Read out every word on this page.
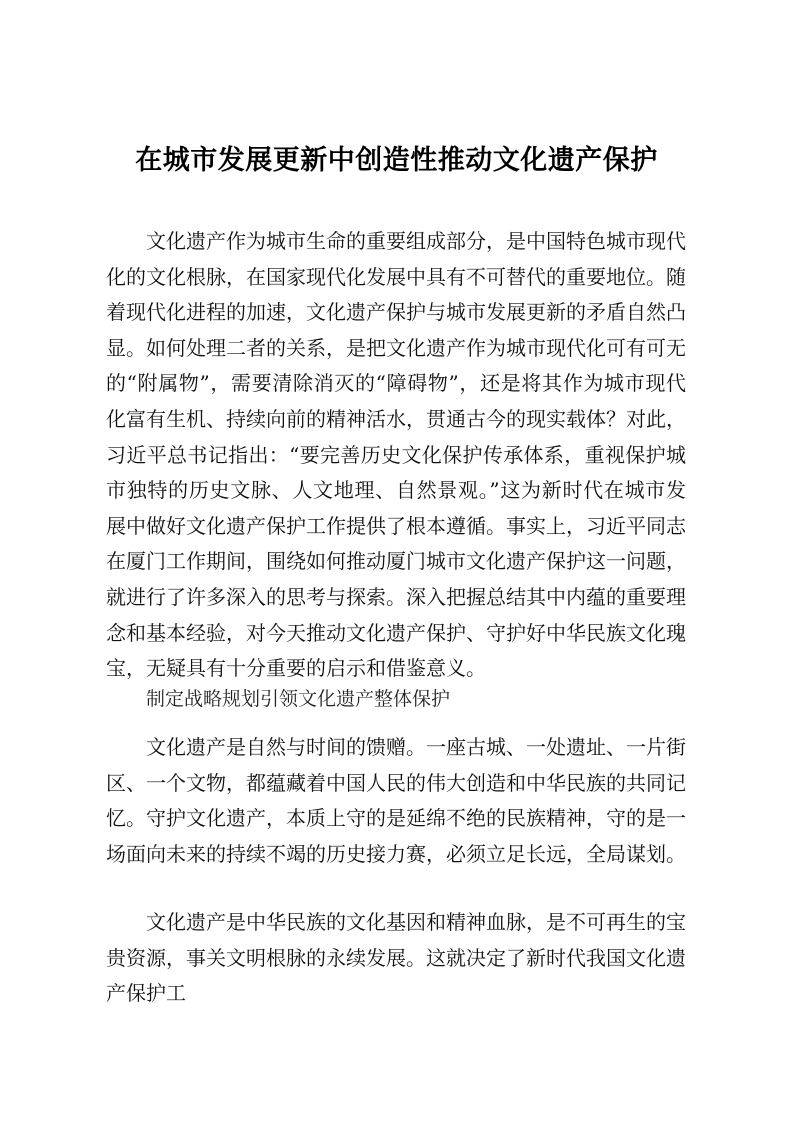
在城市发展更新中创造性推动文化遗产保护

文化遗产作为城市生命的重要组成部分，是中国特色城市现代化的文化根脉，在国家现代化发展中具有不可替代的重要地位。随着现代化进程的加速，文化遗产保护与城市发展更新的矛盾自然凸显。如何处理二者的关系，是把文化遗产作为城市现代化可有可无的“附属物”，需要清除消灭的“障碍物”，还是将其作为城市现代化富有生机、持续向前的精神活水，贯通古今的现实载体？对此，习近平总书记指出：“要完善历史文化保护传承体系，重视保护城市独特的历史文脉、人文地理、自然景观。”这为新时代在城市发展中做好文化遗产保护工作提供了根本遵循。事实上，习近平同志在厦门工作期间，围绕如何推动厦门城市文化遗产保护这一问题，就进行了许多深入的思考与探索。深入把握总结其中内蕴的重要理念和基本经验，对今天推动文化遗产保护、守护好中华民族文化瑰宝，无疑具有十分重要的启示和借鉴意义。

制定战略规划引领文化遗产整体保护

文化遗产是自然与时间的馈赠。一座古城、一处遗址、一片街区、一个文物，都蕴藏着中国人民的伟大创造和中华民族的共同记忆。守护文化遗产，本质上守的是延绵不绝的民族精神，守的是一场面向未来的持续不竭的历史接力赛，必须立足长远，全局谋划。

文化遗产是中华民族的文化基因和精神血脉，是不可再生的宝贵资源，事关文明根脉的永续发展。这就决定了新时代我国文化遗产保护工
